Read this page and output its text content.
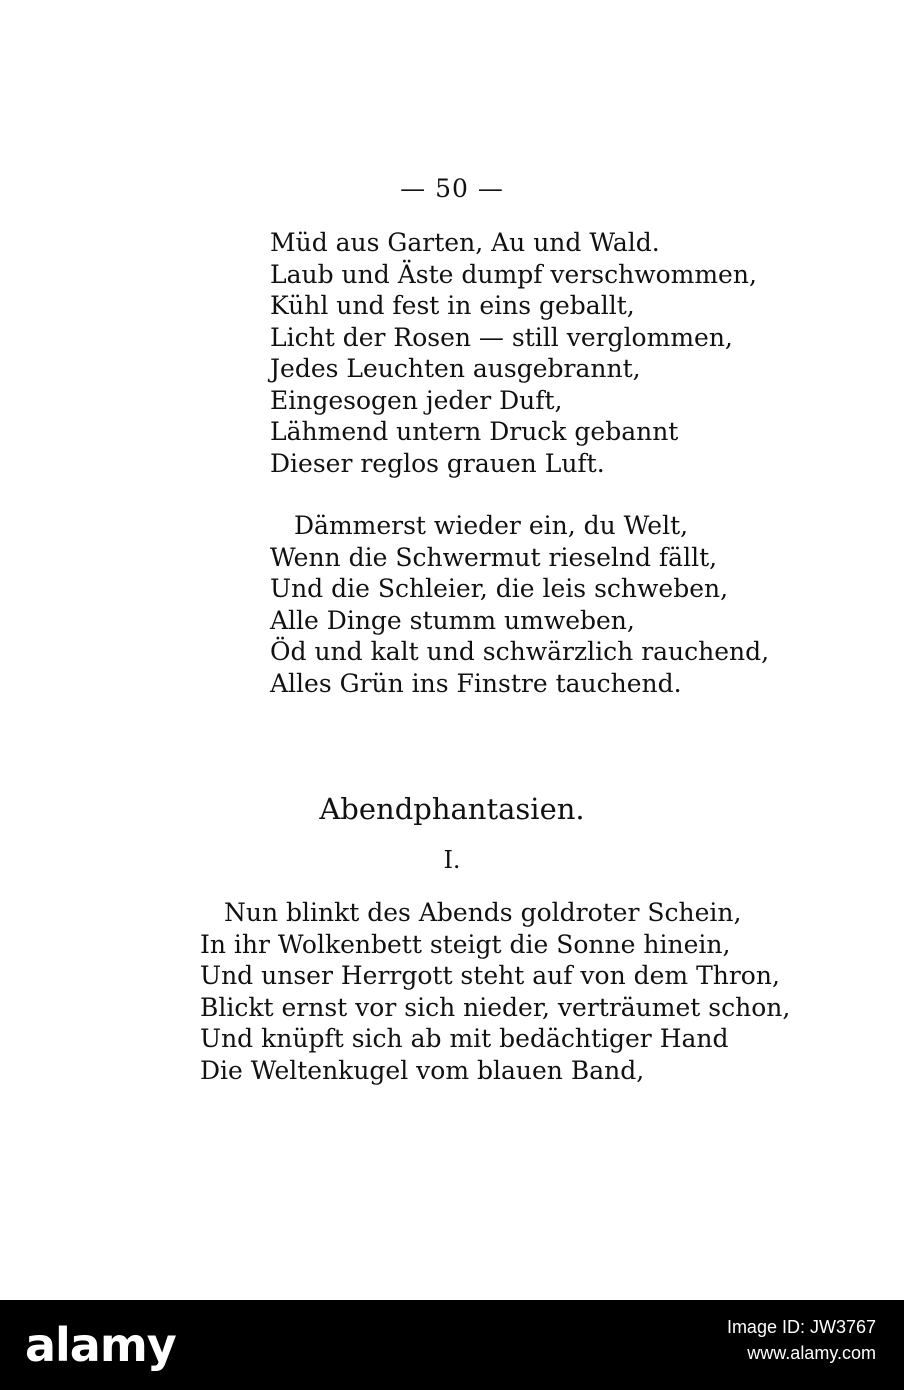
— 50 —
Müd aus Garten, Au und Wald.
Laub und Äste dumpf verschwommen,
Kühl und fest in eins geballt,
Licht der Rosen — still verglommen,
Jedes Leuchten ausgebrannt,
Eingesogen jeder Duft,
Lähmend untern Druck gebannt
Dieser reglos grauen Luft.
Dämmerst wieder ein, du Welt,
Wenn die Schwermut rieselnd fällt,
Und die Schleier, die leis schweben,
Alle Dinge stumm umweben,
Öd und kalt und schwärzlich rauchend,
Alles Grün ins Finstre tauchend.
Abendphantasien.
I.
Nun blinkt des Abends goldroter Schein,
In ihr Wolkenbett steigt die Sonne hinein,
Und unser Herrgott steht auf von dem Thron,
Blickt ernst vor sich nieder, verträumet schon,
Und knüpft sich ab mit bedächtiger Hand
Die Weltenkugel vom blauen Band,
alamy	Image ID: JW3767
www.alamy.com
